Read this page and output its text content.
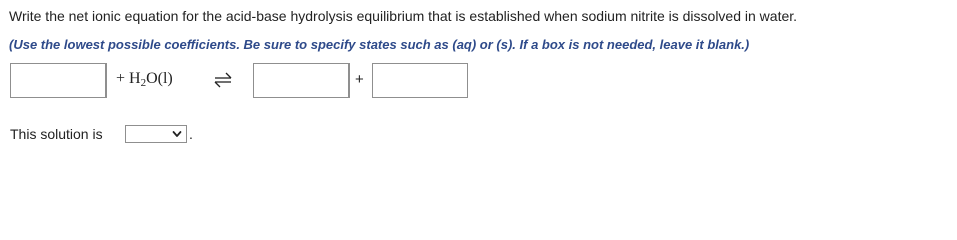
Write the net ionic equation for the acid-base hydrolysis equilibrium that is established when sodium nitrite is dissolved in water.
(Use the lowest possible coefficients. Be sure to specify states such as (aq) or (s). If a box is not needed, leave it blank.)
+ $H_2O(l)$	+
This solution is	.
